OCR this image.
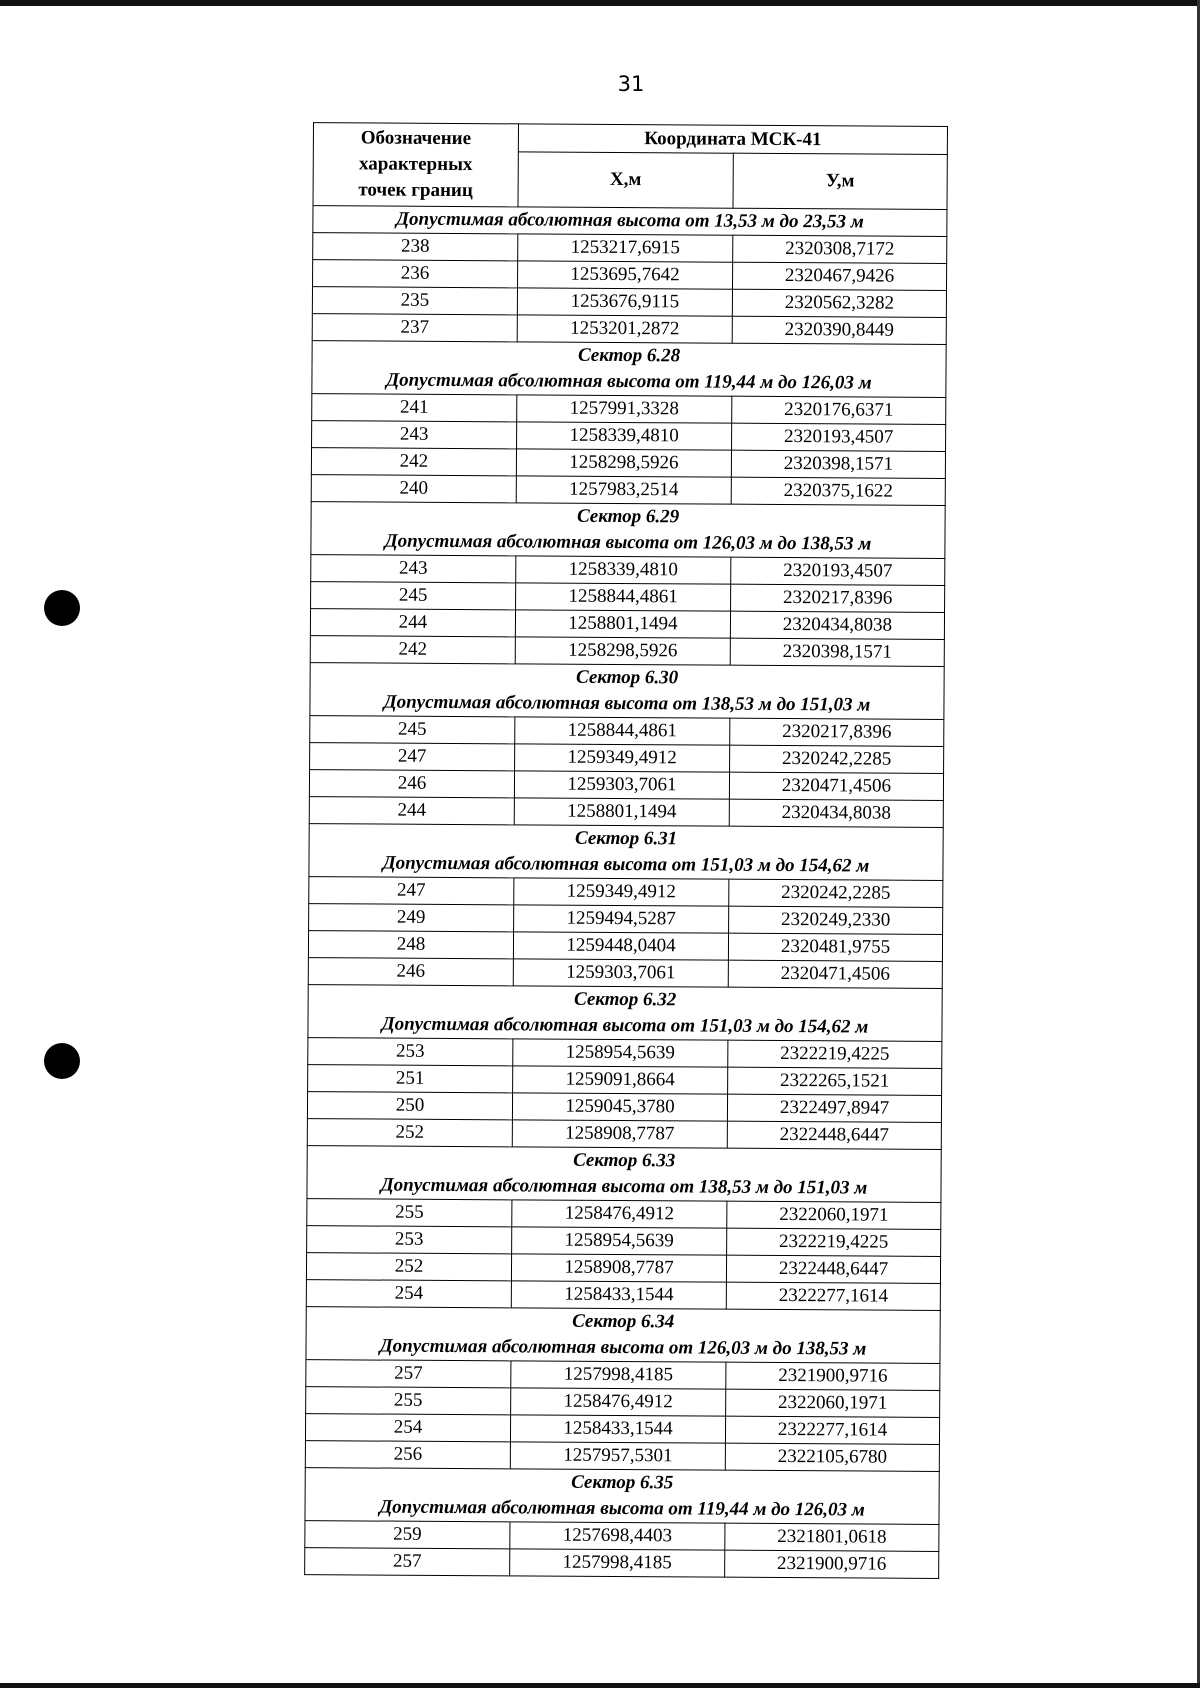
31
Обозначение
характерных
точек границ	Координата МСК-41	
	Х,м	У,м
Допустимая абсолютная высота от 13,53 м до 23,53 м		
238	1253217,6915	2320308,7172
236	1253695,7642	2320467,9426
235	1253676,9115	2320562,3282
237	1253201,2872	2320390,8449
Сектор 6.28		
Допустимая абсолютная высота от 119,44 м до 126,03 м		
241	1257991,3328	2320176,6371
243	1258339,4810	2320193,4507
242	1258298,5926	2320398,1571
240	1257983,2514	2320375,1622
Сектор 6.29		
Допустимая абсолютная высота от 126,03 м до 138,53 м		
243	1258339,4810	2320193,4507
245	1258844,4861	2320217,8396
244	1258801,1494	2320434,8038
242	1258298,5926	2320398,1571
Сектор 6.30		
Допустимая абсолютная высота от 138,53 м до 151,03 м		
245	1258844,4861	2320217,8396
247	1259349,4912	2320242,2285
246	1259303,7061	2320471,4506
244	1258801,1494	2320434,8038
Сектор 6.31		
Допустимая абсолютная высота от 151,03 м до 154,62 м		
247	1259349,4912	2320242,2285
249	1259494,5287	2320249,2330
248	1259448,0404	2320481,9755
246	1259303,7061	2320471,4506
Сектор 6.32		
Допустимая абсолютная высота от 151,03 м до 154,62 м		
253	1258954,5639	2322219,4225
251	1259091,8664	2322265,1521
250	1259045,3780	2322497,8947
252	1258908,7787	2322448,6447
Сектор 6.33		
Допустимая абсолютная высота от 138,53 м до 151,03 м		
255	1258476,4912	2322060,1971
253	1258954,5639	2322219,4225
252	1258908,7787	2322448,6447
254	1258433,1544	2322277,1614
Сектор 6.34		
Допустимая абсолютная высота от 126,03 м до 138,53 м		
257	1257998,4185	2321900,9716
255	1258476,4912	2322060,1971
254	1258433,1544	2322277,1614
256	1257957,5301	2322105,6780
Сектор 6.35		
Допустимая абсолютная высота от 119,44 м до 126,03 м		
259	1257698,4403	2321801,0618
257	1257998,4185	2321900,9716
